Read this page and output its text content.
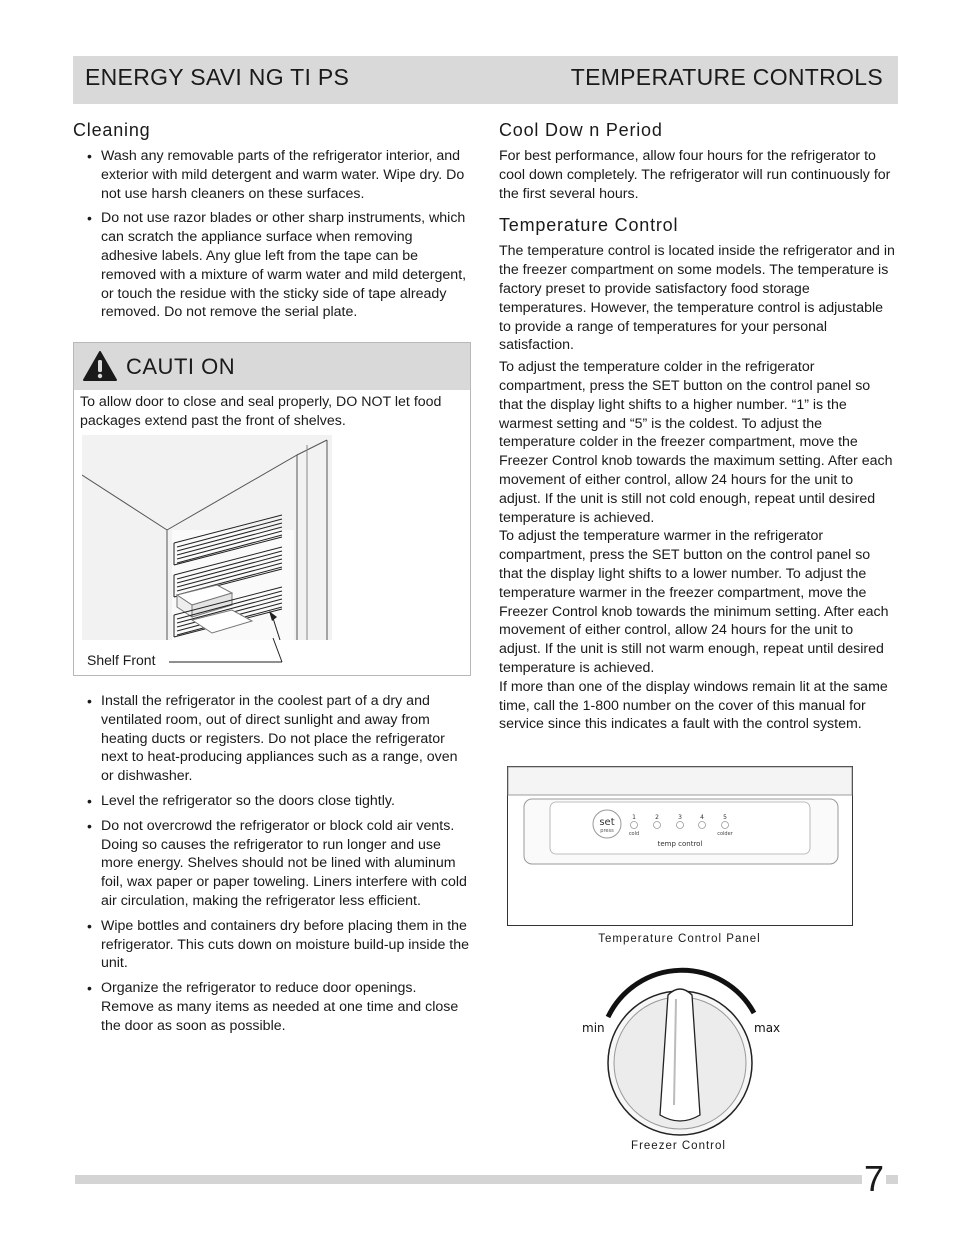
ENERGY SAVI NG TI PS	TEMPERATURE CONTROLS
Cleaning
• Wash any removable parts of the refrigerator interior, and exterior with mild detergent and warm water. Wipe dry. Do not use harsh cleaners on these surfaces.
• Do not use razor blades or other sharp instruments, which can scratch the appliance surface when removing adhesive labels. Any glue left from the tape can be removed with a mixture of warm water and mild detergent, or touch the residue with the sticky side of tape already removed. Do not remove the serial plate.
CAUTI ON
To allow door to close and seal properly, DO NOT let food packages extend past the front of shelves.
Shelf Front
• Install the refrigerator in the coolest part of a dry and ventilated room, out of direct sunlight and away from heating ducts or registers. Do not place the refrigerator next to heat-producing appliances such as a range, oven or dishwasher.
• Level the refrigerator so the doors close tightly.
• Do not overcrowd the refrigerator or block cold air vents. Doing so causes the refrigerator to run longer and use more energy. Shelves should not be lined with aluminum foil, wax paper or paper toweling. Liners interfere with cold air circulation, making the refrigerator less efficient.
• Wipe bottles and containers dry before placing them in the refrigerator. This cuts down on moisture build-up inside the unit.
• Organize the refrigerator to reduce door openings. Remove as many items as needed at one time and close the door as soon as possible.
Cool Dow n Period

For best performance, allow four hours for the refrigerator to cool down completely. The refrigerator will run continuously for the first several hours.

Temperature Control

The temperature control is located inside the refrigerator and in the freezer compartment on some models. The temperature is factory preset to provide satisfactory food storage temperatures. However, the temperature control is adjustable to provide a range of temperatures for your personal satisfaction.

To adjust the temperature colder in the refrigerator compartment, press the SET button on the control panel so that the display light shifts to a higher number. “1” is the warmest setting and “5” is the coldest. To adjust the temperature colder in the freezer compartment, move the Freezer Control knob towards the maximum setting. After each movement of either control, allow 24 hours for the unit to adjust. If the unit is still not cold enough, repeat until desired temperature is achieved.

To adjust the temperature warmer in the refrigerator compartment, press the SET button on the control panel so that the display light shifts to a lower number. To adjust the temperature warmer in the freezer compartment, move the Freezer Control knob towards the minimum setting. After each movement of either control, allow 24 hours for the unit to adjust. If the unit is still not warm enough, repeat until desired temperature is achieved.

If more than one of the display windows remain lit at the same time, call the 1-800 number on the cover of this manual for service since this indicates a fault with the control system.

set
press
1	2	3	4	5
cold	colder
temp control
Temperature Control Panel
min	max
Freezer Control
7
